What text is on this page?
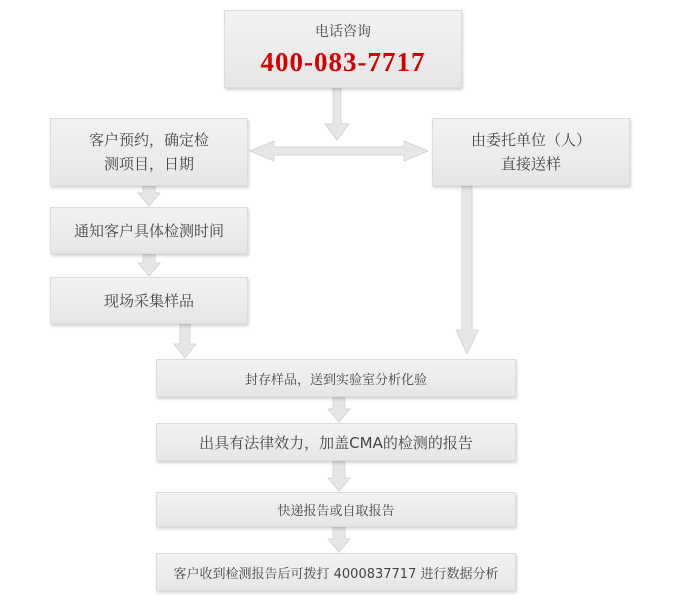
电话咨询
400-083-7717
客户预约，确定检
测项目，日期
由委托单位（人）
直接送样
通知客户具体检测时间
现场采集样品
封存样品，送到实验室分析化验
出具有法律效力，加盖CMA的检测的报告
快递报告或自取报告
客户收到检测报告后可拨打 4000837717 进行数据分析
